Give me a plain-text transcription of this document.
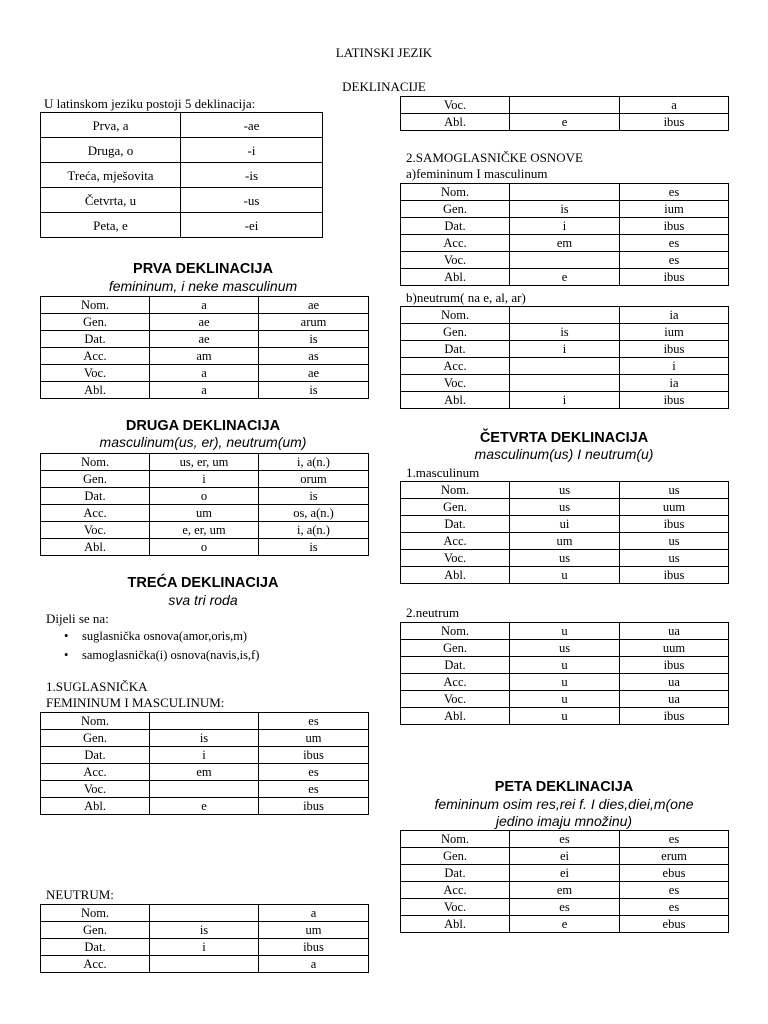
LATINSKI JEZIK
DEKLINACIJE
U latinskom jeziku postoji 5 deklinacija:
Prva, a	-ae
Druga, o	-i
Treća, mješovita	-is
Četvrta, u	-us
Peta, e	-ei
PRVA DEKLINACIJA
femininum, i neke masculinum
Nom.	a	ae
Gen.	ae	arum
Dat.	ae	is
Acc.	am	as
Voc.	a	ae
Abl.	a	is
DRUGA DEKLINACIJA
masculinum(us, er), neutrum(um)
Nom.	us, er, um	i, a(n.)
Gen.	i	orum
Dat.	o	is
Acc.	um	os, a(n.)
Voc.	e, er, um	i, a(n.)
Abl.	o	is
TREĆA DEKLINACIJA
sva tri roda
Dijeli se na:
• suglasnička osnova(amor,oris,m)
• samoglasnička(i) osnova(navis,is,f)
1.SUGLASNIČKA
FEMININUM I MASCULINUM:
Nom.		es
Gen.	is	um
Dat.	i	ibus
Acc.	em	es
Voc.		es
Abl.	e	ibus
NEUTRUM:
Nom.		a
Gen.	is	um
Dat.	i	ibus
Acc.		a
Voc.		a
Abl.	e	ibus
2.SAMOGLASNIČKE OSNOVE
a)femininum I masculinum
Nom.		es
Gen.	is	ium
Dat.	i	ibus
Acc.	em	es
Voc.		es
Abl.	e	ibus
b)neutrum( na e, al, ar)
Nom.		ia
Gen.	is	ium
Dat.	i	ibus
Acc.		i
Voc.		ia
Abl.	i	ibus
ČETVRTA DEKLINACIJA
masculinum(us) I neutrum(u)
1.masculinum
Nom.	us	us
Gen.	us	uum
Dat.	ui	ibus
Acc.	um	us
Voc.	us	us
Abl.	u	ibus
2.neutrum
Nom.	u	ua
Gen.	us	uum
Dat.	u	ibus
Acc.	u	ua
Voc.	u	ua
Abl.	u	ibus
PETA DEKLINACIJA
femininum osim res,rei f. I dies,diei,m(one
jedino imaju množinu)
Nom.	es	es
Gen.	ei	erum
Dat.	ei	ebus
Acc.	em	es
Voc.	es	es
Abl.	e	ebus
